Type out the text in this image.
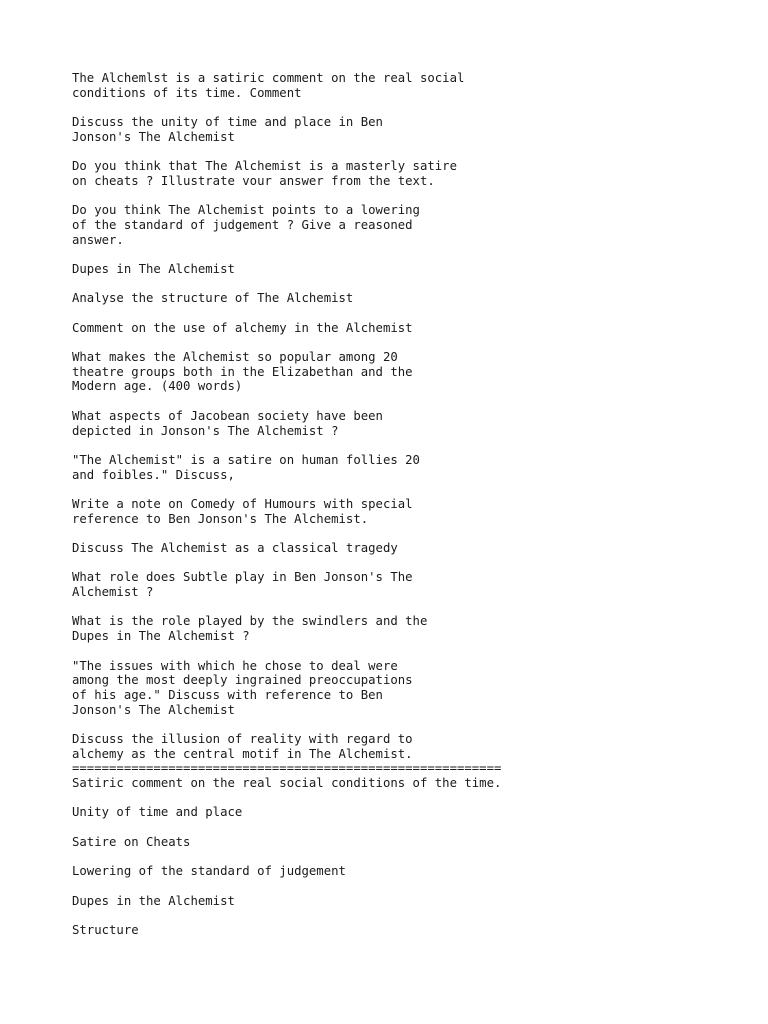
The Alchemlst is a satiric comment on the real social
conditions of its time. Comment
Discuss the unity of time and place in Ben
Jonson's The Alchemist
Do you think that The Alchemist is a masterly satire
on cheats ? Illustrate vour answer from the text.
Do you think The Alchemist points to a lowering
of the standard of judgement ? Give a reasoned
answer.
Dupes in The Alchemist
Analyse the structure of The Alchemist
Comment on the use of alchemy in the Alchemist
What makes the Alchemist so popular among 20
theatre groups both in the Elizabethan and the
Modern age. (400 words)
What aspects of Jacobean society have been
depicted in Jonson's The Alchemist ?
"The Alchemist" is a satire on human follies 20
and foibles." Discuss,
Write a note on Comedy of Humours with special
reference to Ben Jonson's The Alchemist.
Discuss The Alchemist as a classical tragedy
What role does Subtle play in Ben Jonson's The
Alchemist ?
What is the role played by the swindlers and the
Dupes in The Alchemist ?
"The issues with which he chose to deal were
among the most deeply ingrained preoccupations
of his age." Discuss with reference to Ben
Jonson's The Alchemist
Discuss the illusion of reality with regard to
alchemy as the central motif in The Alchemist.
==========================================================
Satiric comment on the real social conditions of the time.
Unity of time and place
Satire on Cheats
Lowering of the standard of judgement
Dupes in the Alchemist
Structure
